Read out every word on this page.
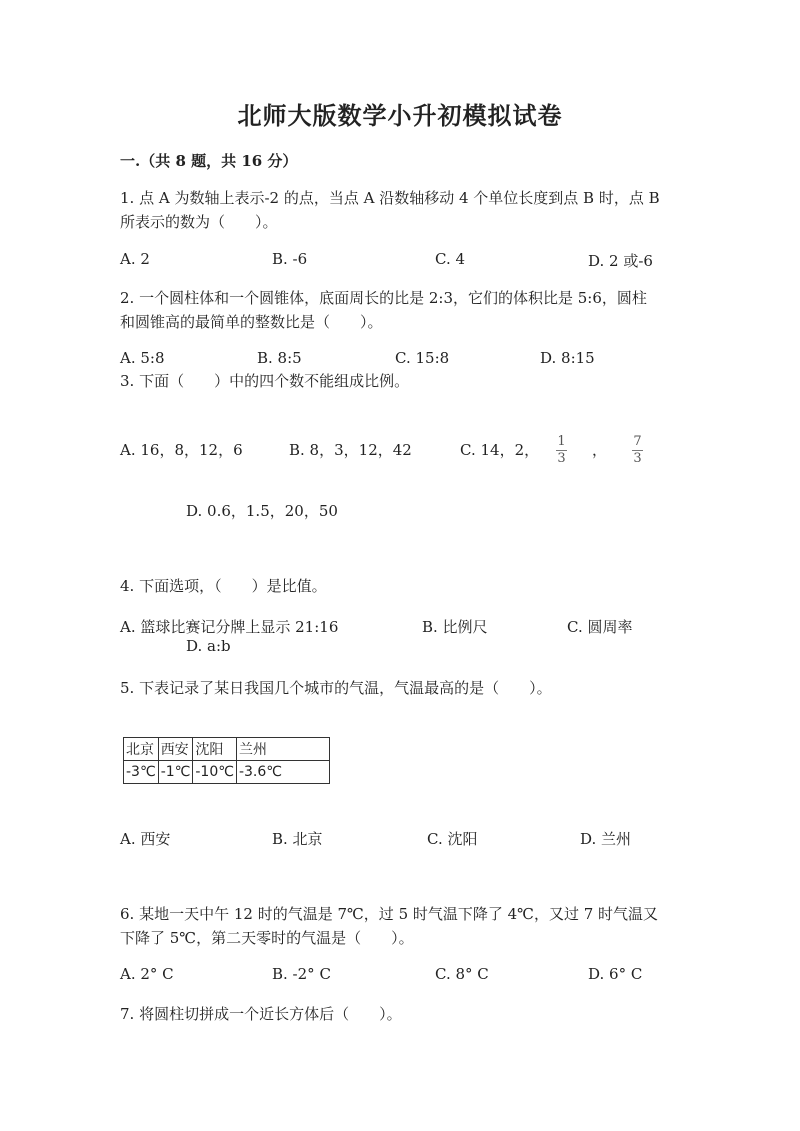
北师大版数学小升初模拟试卷
一.（共 8 题，共 16 分）
1. 点 A 为数轴上表示-2 的点，当点 A 沿数轴移动 4 个单位长度到点 B 时，点 B
所表示的数为（　　）。
A. 2	B. -6	C. 4	D. 2 或-6
2. 一个圆柱体和一个圆锥体，底面周长的比是 2:3，它们的体积比是 5:6，圆柱
和圆锥高的最简单的整数比是（　　）。
A. 5:8	B. 8:5	C. 15:8	D. 8:15
3. 下面（　　）中的四个数不能组成比例。
A. 16，8，12，6	B. 8，3，12，42	C. 14，2， 1
3 ， 7
3
D. 0.6，1.5，20，50
4. 下面选项，（　　）是比值。
A. 篮球比赛记分牌上显示 21:16	B. 比例尺	C. 圆周率
D. a:b
5. 下表记录了某日我国几个城市的气温，气温最高的是（　　）。
北京	西安	沈阳	兰州
-3℃	-1℃	-10℃	-3.6℃
A. 西安	B. 北京	C. 沈阳	D. 兰州
6. 某地一天中午 12 时的气温是 7℃，过 5 时气温下降了 4℃，又过 7 时气温又
下降了 5℃，第二天零时的气温是（　　）。
A. 2° C	B. -2° C	C. 8° C	D. 6° C
7. 将圆柱切拼成一个近长方体后（　　）。
